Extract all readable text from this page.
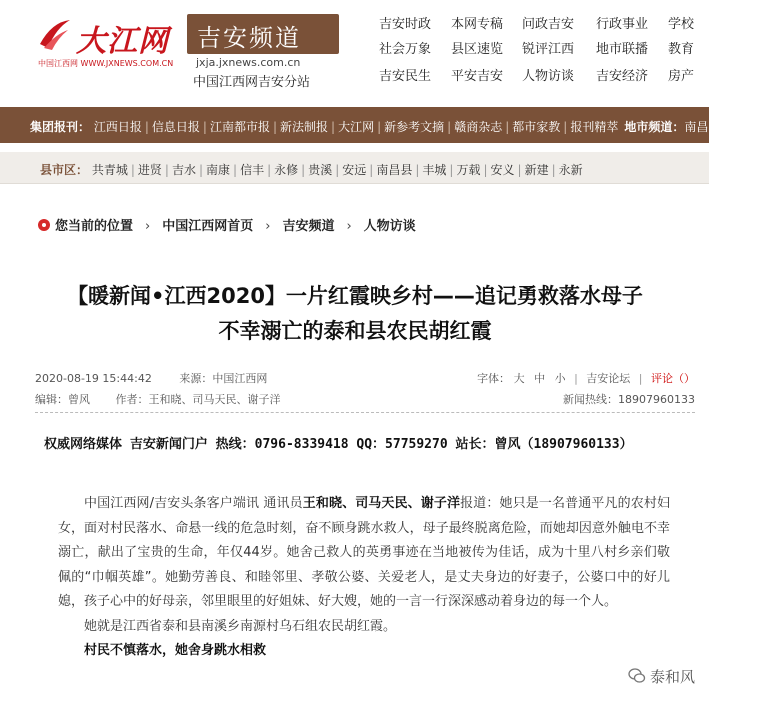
大江网
中国江西网 WWW.JXNEWS.COM.CN
吉安频道
jxja.jxnews.com.cn
中国江西网吉安分站
吉安时政 本网专稿 问政吉安 行政事业 学校
社会万象 县区速览 锐评江西 地市联播 教育
吉安民生 平安吉安 人物访谈 吉安经济 房产
集团报刊： 江西日报 | 信息日报 | 江南都市报 | 新法制报 | 大江网 | 新参考文摘 | 赣商杂志 | 都市家教 | 报刊精萃 地市频道：南昌 九江 景德
县市区： 共青城 | 进贤 | 吉水 | 南康 | 信丰 | 永修 | 贵溪 | 安远 | 南昌县 | 丰城 | 万载 | 安义 | 新建 | 永新
您当前的位置 › 中国江西网首页 › 吉安频道 › 人物访谈
【暖新闻•江西2020】一片红霞映乡村——追记勇救落水母子
不幸溺亡的泰和县农民胡红霞
2020-08-19 15:44:42	来源：中国江西网	字体： 大 中 小 | 吉安论坛 | 评论（）
编辑：曾风 作者：王和晓、司马天民、谢子洋	新闻热线：18907960133
权威网络媒体 吉安新闻门户 热线：0796-8339418 QQ：57759270 站长：曾风（18907960133）

中国江西网/吉安头条客户端讯 通讯员王和晓、司马天民、谢子洋报道：她只是一名普通平凡的农村妇女，面对村民落水、命悬一线的危急时刻，奋不顾身跳水救人，母子最终脱离危险，而她却因意外触电不幸溺亡，献出了宝贵的生命，年仅44岁。她舍己救人的英勇事迹在当地被传为佳话，成为十里八村乡亲们敬佩的“巾帼英雄”。她勤劳善良、和睦邻里、孝敬公婆、关爱老人，是丈夫身边的好妻子，公婆口中的好儿媳，孩子心中的好母亲，邻里眼里的好姐妹、好大嫂，她的一言一行深深感动着身边的每一个人。

她就是江西省泰和县南溪乡南源村乌石组农民胡红霞。

村民不慎落水，她舍身跳水相救

泰和风
